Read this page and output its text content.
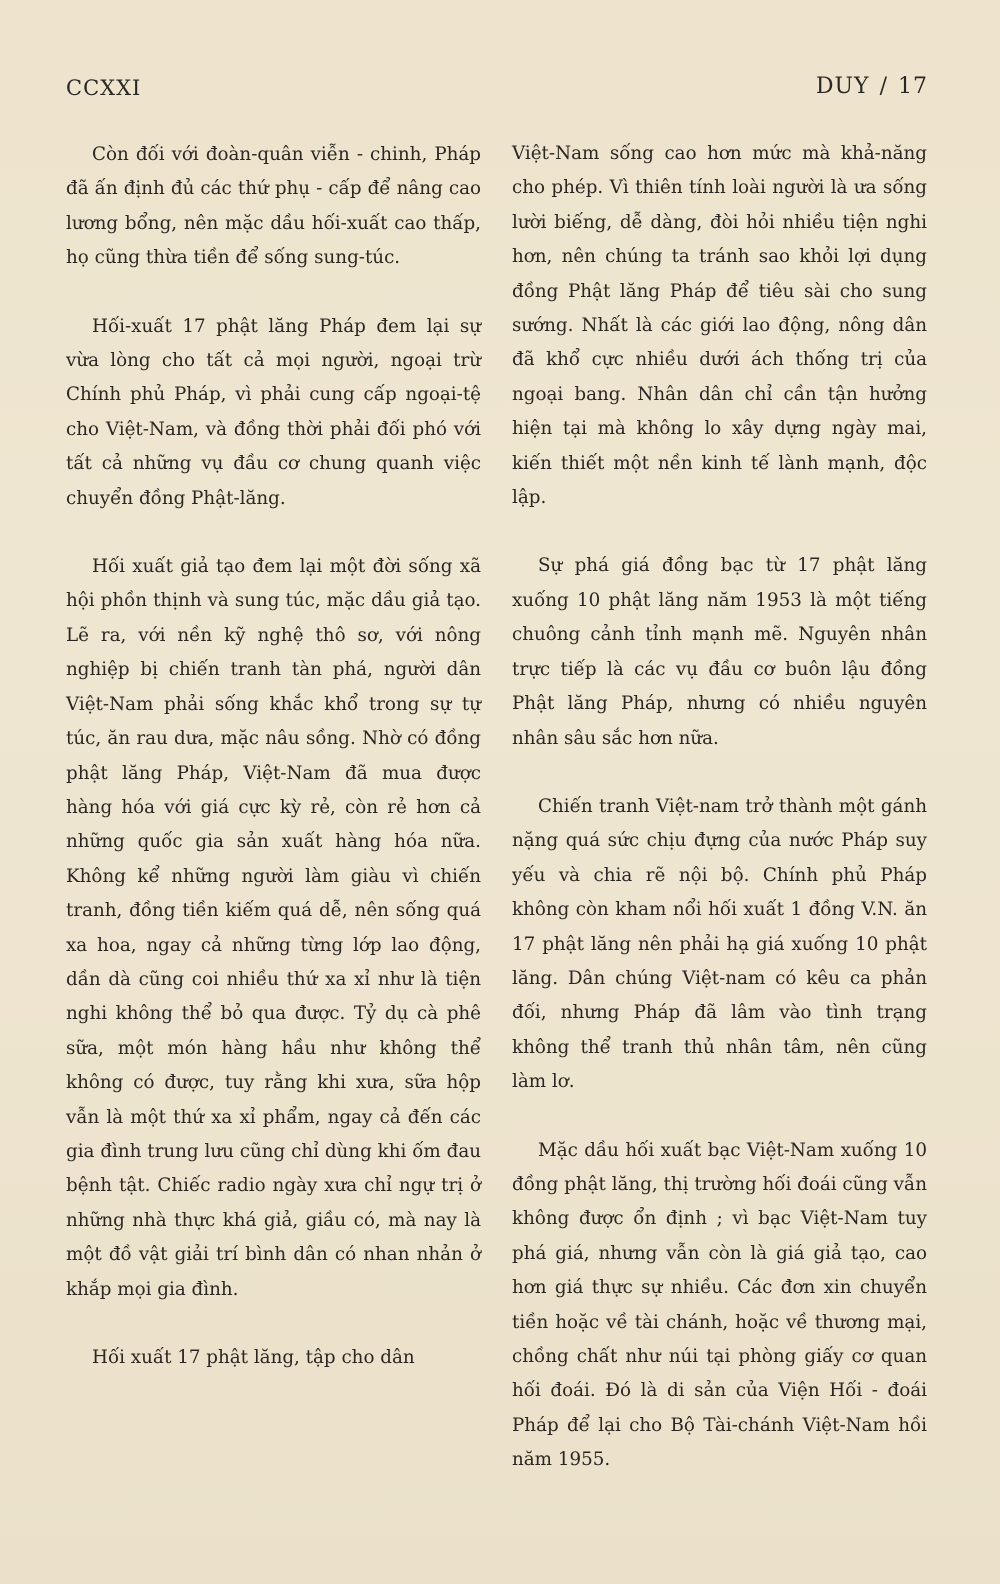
CCXXI	DUY / 17

Còn đối với đoàn-quân viễn - chinh, Pháp đã ấn định đủ các thứ phụ - cấp để nâng cao lương bổng, nên mặc dầu hối-xuất cao thấp, họ cũng thừa tiền để sống sung-túc.

Hối-xuất 17 phật lăng Pháp đem lại sự vừa lòng cho tất cả mọi người, ngoại trừ Chính phủ Pháp, vì phải cung cấp ngoại-tệ cho Việt-Nam, và đồng thời phải đối phó với tất cả những vụ đầu cơ chung quanh việc chuyển đồng Phật-lăng.

Hối xuất giả tạo đem lại một đời sống xã hội phồn thịnh và sung túc, mặc dầu giả tạo. Lẽ ra, với nền kỹ nghệ thô sơ, với nông nghiệp bị chiến tranh tàn phá, người dân Việt-Nam phải sống khắc khổ trong sự tự túc, ăn rau dưa, mặc nâu sồng. Nhờ có đồng phật lăng Pháp, Việt-Nam đã mua được hàng hóa với giá cực kỳ rẻ, còn rẻ hơn cả những quốc gia sản xuất hàng hóa nữa. Không kể những người làm giàu vì chiến tranh, đồng tiền kiếm quá dễ, nên sống quá xa hoa, ngay cả những từng lớp lao động, dần dà cũng coi nhiều thứ xa xỉ như là tiện nghi không thể bỏ qua được. Tỷ dụ cà phê sữa, một món hàng hầu như không thể không có được, tuy rằng khi xưa, sữa hộp vẫn là một thứ xa xỉ phẩm, ngay cả đến các gia đình trung lưu cũng chỉ dùng khi ốm đau bệnh tật. Chiếc radio ngày xưa chỉ ngự trị ở những nhà thực khá giả, giầu có, mà nay là một đồ vật giải trí bình dân có nhan nhản ở khắp mọi gia đình.

Hối xuất 17 phật lăng, tập cho dân

Việt-Nam sống cao hơn mức mà khả-năng cho phép. Vì thiên tính loài người là ưa sống lười biếng, dễ dàng, đòi hỏi nhiều tiện nghi hơn, nên chúng ta tránh sao khỏi lợi dụng đồng Phật lăng Pháp để tiêu sài cho sung sướng. Nhất là các giới lao động, nông dân đã khổ cực nhiều dưới ách thống trị của ngoại bang. Nhân dân chỉ cần tận hưởng hiện tại mà không lo xây dựng ngày mai, kiến thiết một nền kinh tế lành mạnh, độc lập.

Sự phá giá đồng bạc từ 17 phật lăng xuống 10 phật lăng năm 1953 là một tiếng chuông cảnh tỉnh mạnh mẽ. Nguyên nhân trực tiếp là các vụ đầu cơ buôn lậu đồng Phật lăng Pháp, nhưng có nhiều nguyên nhân sâu sắc hơn nữa.

Chiến tranh Việt-nam trở thành một gánh nặng quá sức chịu đựng của nước Pháp suy yếu và chia rẽ nội bộ. Chính phủ Pháp không còn kham nổi hối xuất 1 đồng V.N. ăn 17 phật lăng nên phải hạ giá xuống 10 phật lăng. Dân chúng Việt-nam có kêu ca phản đối, nhưng Pháp đã lâm vào tình trạng không thể tranh thủ nhân tâm, nên cũng làm lơ.

Mặc dầu hối xuất bạc Việt-Nam xuống 10 đồng phật lăng, thị trường hối đoái cũng vẫn không được ổn định ; vì bạc Việt-Nam tuy phá giá, nhưng vẫn còn là giá giả tạo, cao hơn giá thực sự nhiều. Các đơn xin chuyển tiền hoặc về tài chánh, hoặc về thương mại, chồng chất như núi tại phòng giấy cơ quan hối đoái. Đó là di sản của Viện Hối - đoái Pháp để lại cho Bộ Tài-chánh Việt-Nam hồi năm 1955.
